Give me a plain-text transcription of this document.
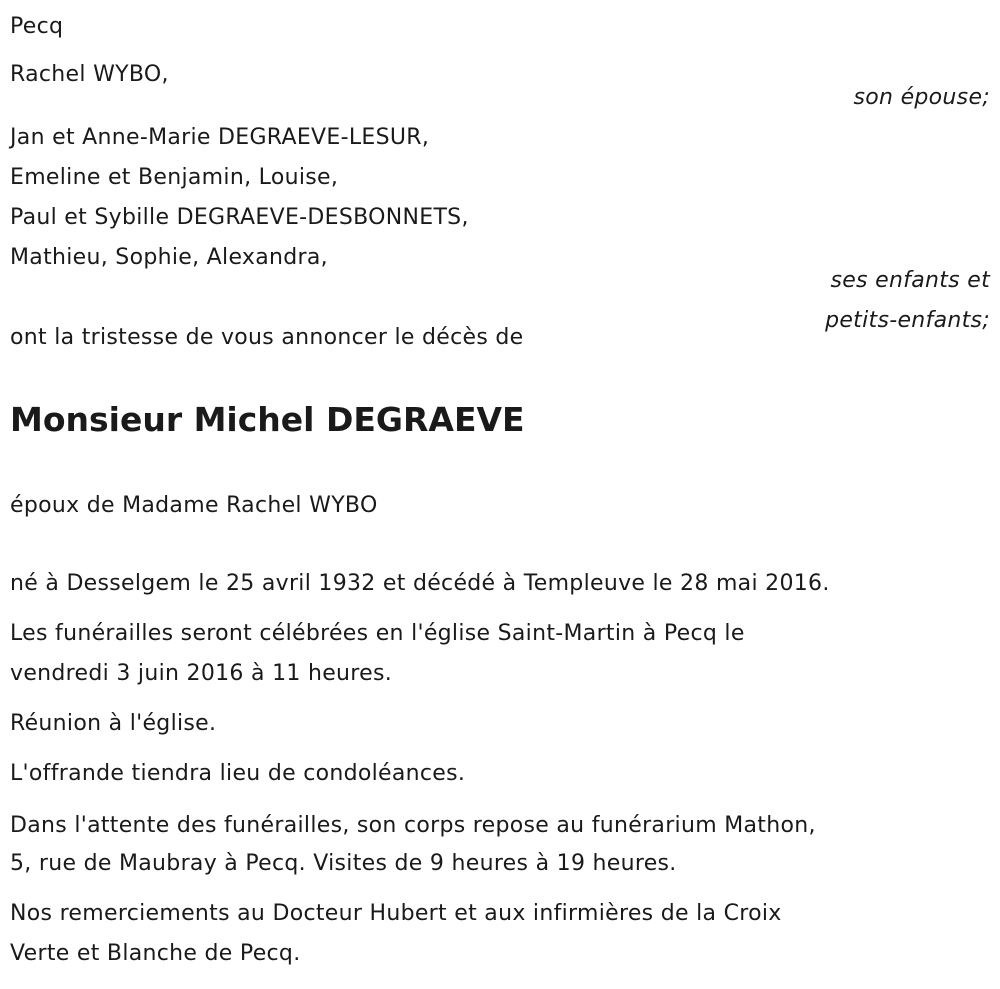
Pecq
Rachel WYBO,
son épouse;
Jan et Anne-Marie DEGRAEVE-LESUR,
Emeline et Benjamin, Louise,
Paul et Sybille DEGRAEVE-DESBONNETS,
Mathieu, Sophie, Alexandra,
ses enfants et
petits-enfants;
ont la tristesse de vous annoncer le décès de
Monsieur Michel DEGRAEVE
époux de Madame Rachel WYBO
né à Desselgem le 25 avril 1932 et décédé à Templeuve le 28 mai 2016.
Les funérailles seront célébrées en l'église Saint-Martin à Pecq le
vendredi 3 juin 2016 à 11 heures.
Réunion à l'église.
L'offrande tiendra lieu de condoléances.
Dans l'attente des funérailles, son corps repose au funérarium Mathon,
5, rue de Maubray à Pecq. Visites de 9 heures à 19 heures.
Nos remerciements au Docteur Hubert et aux infirmières de la Croix
Verte et Blanche de Pecq.
